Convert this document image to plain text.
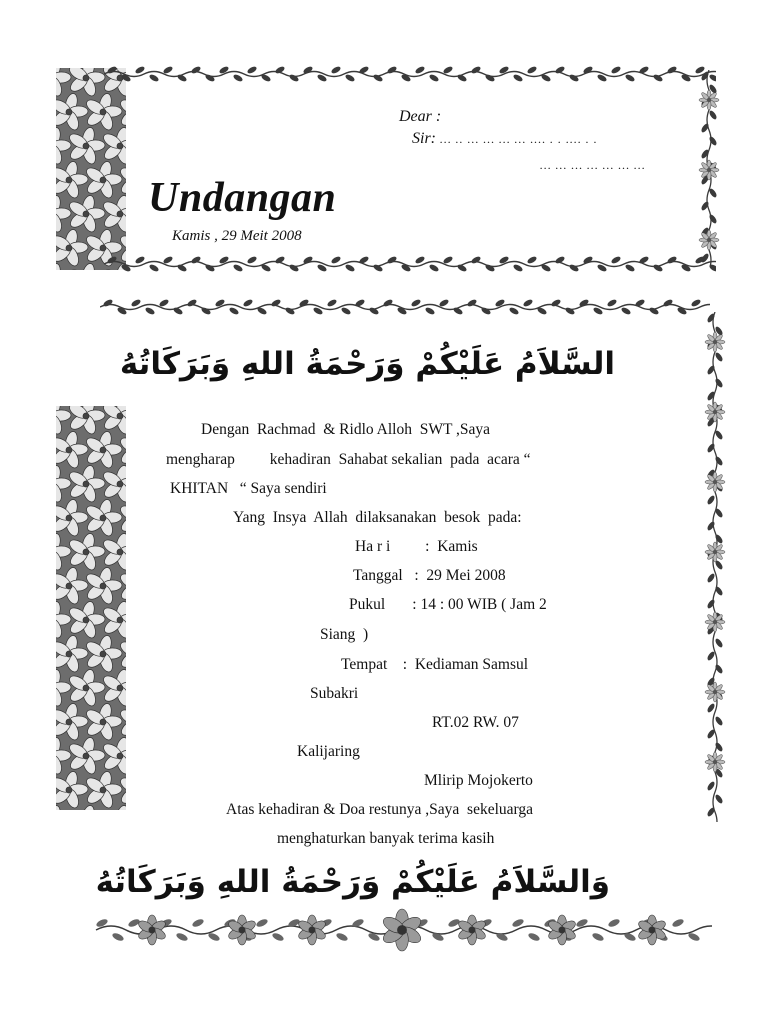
Dear :
Sir: … .. … … … … .… . . .… . .
… … … … … … …
Undangan
Kamis , 29 Meit 2008
السَّلاَمُ عَلَيْكُمْ وَرَحْمَةُ اللهِ وَبَرَكَاتُهُ
Dengan  Rachmad  & Ridlo Alloh  SWT ,Saya
mengharap         kehadiran  Sahabat sekalian  pada  acara “
KHITAN   “ Saya sendiri
Yang  Insya  Allah  dilaksanakan  besok  pada:
Ha r i         :  Kamis
Tanggal   :  29 Mei 2008
Pukul       : 14 : 00 WIB ( Jam 2
Siang  )
Tempat    :  Kediaman Samsul
Subakri
RT.02 RW. 07
Kalijaring
Mlirip Mojokerto
Atas kehadiran & Doa restunya ,Saya  sekeluarga
menghaturkan banyak terima kasih
وَالسَّلاَمُ عَلَيْكُمْ وَرَحْمَةُ اللهِ وَبَرَكَاتُهُ
